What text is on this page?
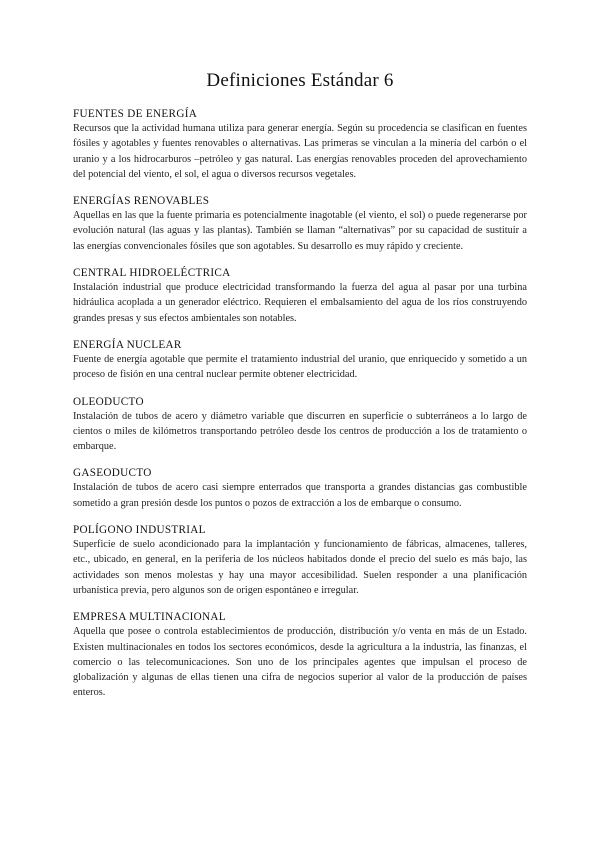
Definiciones Estándar 6
FUENTES DE ENERGÍA

Recursos que la actividad humana utiliza para generar energía. Según su procedencia se clasifican en fuentes fósiles y agotables y fuentes renovables o alternativas. Las primeras se vinculan a la minería del carbón o el uranio y a los hidrocarburos –petróleo y gas natural. Las energías renovables proceden del aprovechamiento del potencial del viento, el sol, el agua o diversos recursos vegetales.

ENERGÍAS RENOVABLES

Aquellas en las que la fuente primaria es potencialmente inagotable (el viento, el sol) o puede regenerarse por evolución natural (las aguas y las plantas). También se llaman “alternativas” por su capacidad de sustituir a las energías convencionales fósiles que son agotables. Su desarrollo es muy rápido y creciente.

CENTRAL HIDROELÉCTRICA

Instalación industrial que produce electricidad transformando la fuerza del agua al pasar por una turbina hidráulica acoplada a un generador eléctrico. Requieren el embalsamiento del agua de los ríos construyendo grandes presas y sus efectos ambientales son notables.

ENERGÍA NUCLEAR

Fuente de energía agotable que permite el tratamiento industrial del uranio, que enriquecido y sometido a un proceso de fisión en una central nuclear permite obtener electricidad.

OLEODUCTO

Instalación de tubos de acero y diámetro variable que discurren en superficie o subterráneos a lo largo de cientos o miles de kilómetros transportando petróleo desde los centros de producción a los de tratamiento o embarque.

GASEODUCTO

Instalación de tubos de acero casi siempre enterrados que transporta a grandes distancias gas combustible sometido a gran presión desde los puntos o pozos de extracción a los de embarque o consumo.

POLÍGONO INDUSTRIAL

Superficie de suelo acondicionado para la implantación y funcionamiento de fábricas, almacenes, talleres, etc., ubicado, en general, en la periferia de los núcleos habitados donde el precio del suelo es más bajo, las actividades son menos molestas y hay una mayor accesibilidad. Suelen responder a una planificación urbanística previa, pero algunos son de origen espontáneo e irregular.

EMPRESA MULTINACIONAL

Aquella que posee o controla establecimientos de producción, distribución y/o venta en más de un Estado. Existen multinacionales en todos los sectores económicos, desde la agricultura a la industria, las finanzas, el comercio o las telecomunicaciones. Son uno de los principales agentes que impulsan el proceso de globalización y algunas de ellas tienen una cifra de negocios superior al valor de la producción de países enteros.
